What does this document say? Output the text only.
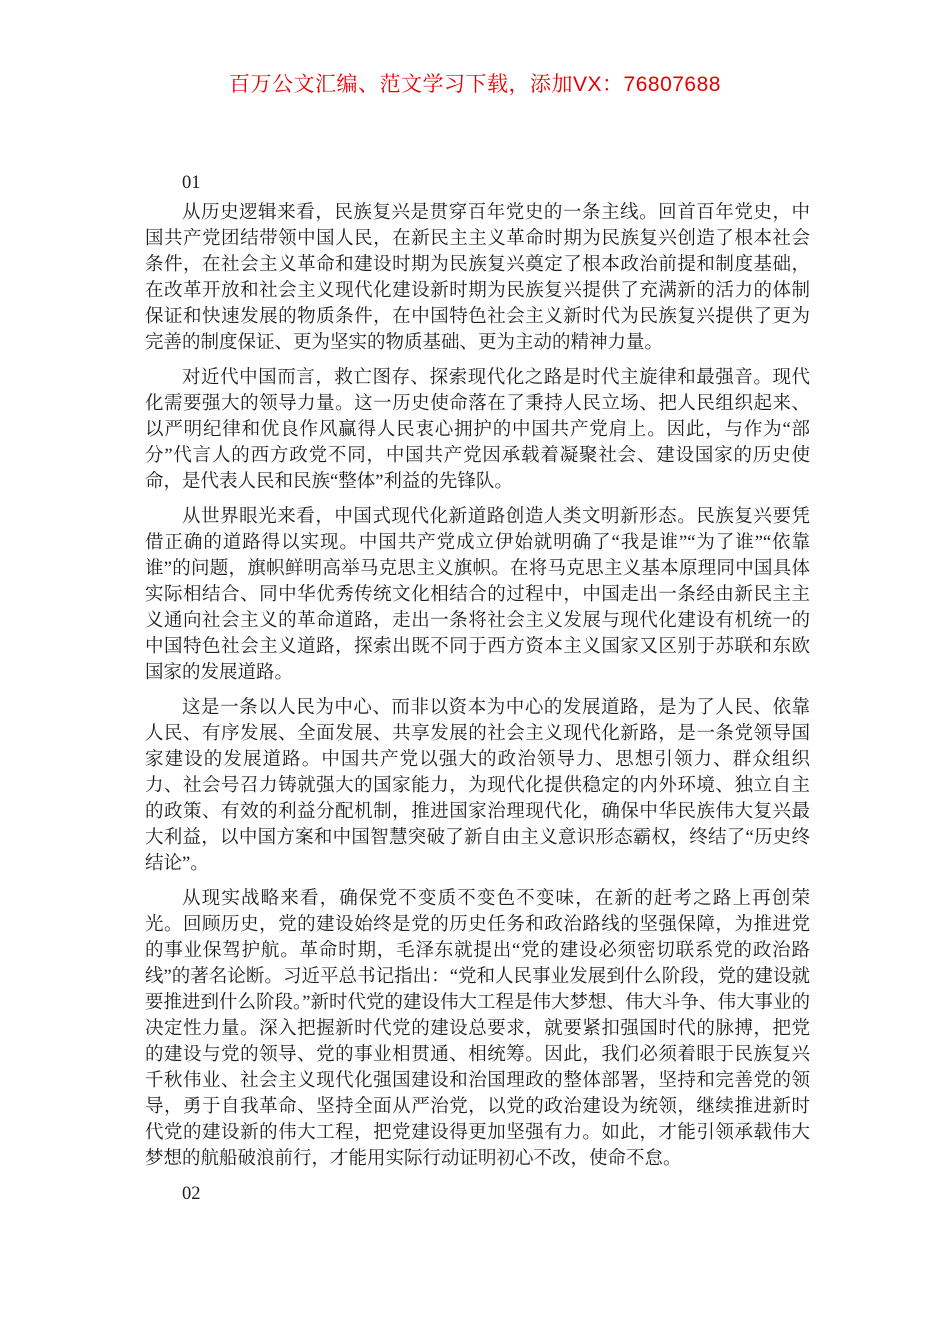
百万公文汇编、范文学习下载，添加VX：76807688
01

从历史逻辑来看，民族复兴是贯穿百年党史的一条主线。回首百年党史，中国共产党团结带领中国人民，在新民主主义革命时期为民族复兴创造了根本社会条件，在社会主义革命和建设时期为民族复兴奠定了根本政治前提和制度基础，在改革开放和社会主义现代化建设新时期为民族复兴提供了充满新的活力的体制保证和快速发展的物质条件，在中国特色社会主义新时代为民族复兴提供了更为完善的制度保证、更为坚实的物质基础、更为主动的精神力量。

对近代中国而言，救亡图存、探索现代化之路是时代主旋律和最强音。现代化需要强大的领导力量。这一历史使命落在了秉持人民立场、把人民组织起来、以严明纪律和优良作风赢得人民衷心拥护的中国共产党肩上。因此，与作为“部分”代言人的西方政党不同，中国共产党因承载着凝聚社会、建设国家的历史使命，是代表人民和民族“整体”利益的先锋队。

从世界眼光来看，中国式现代化新道路创造人类文明新形态。民族复兴要凭借正确的道路得以实现。中国共产党成立伊始就明确了“我是谁”“为了谁”“依靠谁”的问题，旗帜鲜明高举马克思主义旗帜。在将马克思主义基本原理同中国具体实际相结合、同中华优秀传统文化相结合的过程中，中国走出一条经由新民主主义通向社会主义的革命道路，走出一条将社会主义发展与现代化建设有机统一的中国特色社会主义道路，探索出既不同于西方资本主义国家又区别于苏联和东欧国家的发展道路。

这是一条以人民为中心、而非以资本为中心的发展道路，是为了人民、依靠人民、有序发展、全面发展、共享发展的社会主义现代化新路，是一条党领导国家建设的发展道路。中国共产党以强大的政治领导力、思想引领力、群众组织力、社会号召力铸就强大的国家能力，为现代化提供稳定的内外环境、独立自主的政策、有效的利益分配机制，推进国家治理现代化，确保中华民族伟大复兴最大利益，以中国方案和中国智慧突破了新自由主义意识形态霸权，终结了“历史终结论”。

从现实战略来看，确保党不变质不变色不变味，在新的赶考之路上再创荣光。回顾历史，党的建设始终是党的历史任务和政治路线的坚强保障，为推进党的事业保驾护航。革命时期，毛泽东就提出“党的建设必须密切联系党的政治路线”的著名论断。习近平总书记指出：“党和人民事业发展到什么阶段，党的建设就要推进到什么阶段。”新时代党的建设伟大工程是伟大梦想、伟大斗争、伟大事业的决定性力量。深入把握新时代党的建设总要求，就要紧扣强国时代的脉搏，把党的建设与党的领导、党的事业相贯通、相统筹。因此，我们必须着眼于民族复兴千秋伟业、社会主义现代化强国建设和治国理政的整体部署，坚持和完善党的领导，勇于自我革命、坚持全面从严治党，以党的政治建设为统领，继续推进新时代党的建设新的伟大工程，把党建设得更加坚强有力。如此，才能引领承载伟大梦想的航船破浪前行，才能用实际行动证明初心不改，使命不怠。

02
